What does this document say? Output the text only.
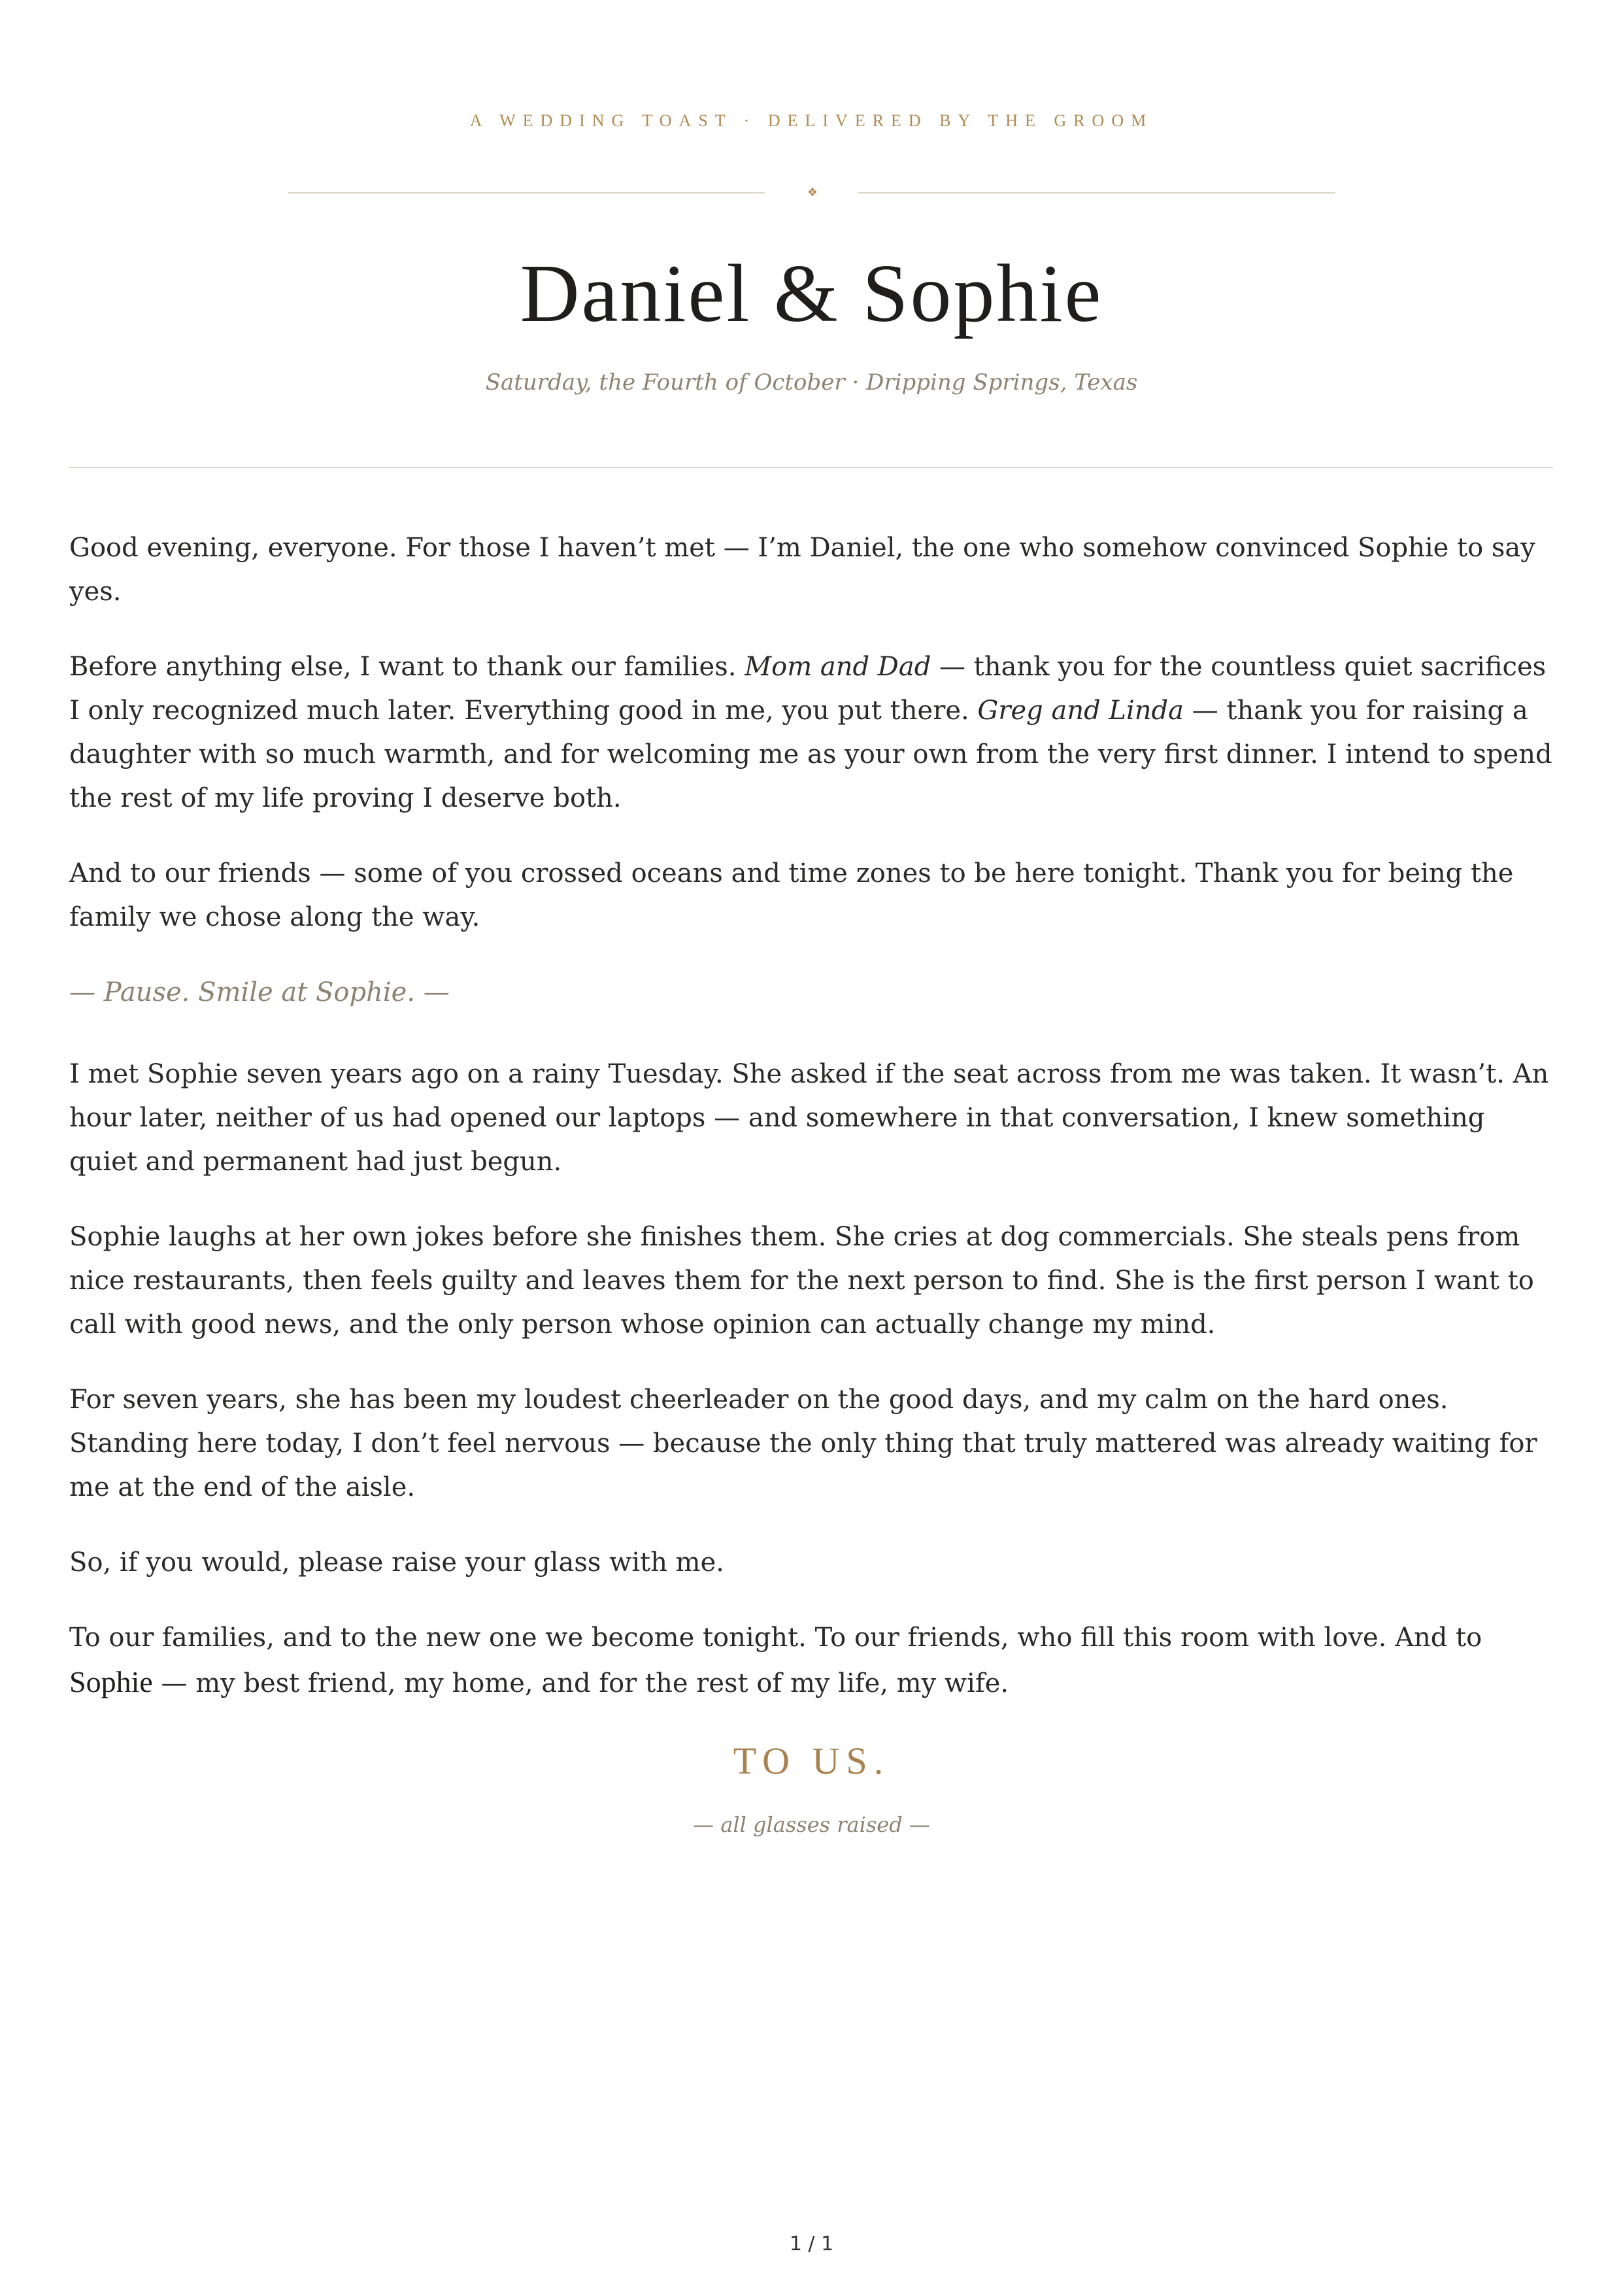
A WEDDING TOAST · DELIVERED BY THE GROOM
❖
Daniel & Sophie
Saturday, the Fourth of October · Dripping Springs, Texas

Good evening, everyone. For those I haven’t met — I’m Daniel, the one who somehow convinced Sophie to say yes.

Before anything else, I want to thank our families. Mom and Dad — thank you for the countless quiet sacrifices I only recognized much later. Everything good in me, you put there. Greg and Linda — thank you for raising a daughter with so much warmth, and for welcoming me as your own from the very first dinner. I intend to spend the rest of my life proving I deserve both.

And to our friends — some of you crossed oceans and time zones to be here tonight. Thank you for being the family we chose along the way.

— Pause. Smile at Sophie. —

I met Sophie seven years ago on a rainy Tuesday. She asked if the seat across from me was taken. It wasn’t. An hour later, neither of us had opened our laptops — and somewhere in that conversation, I knew something quiet and permanent had just begun.

Sophie laughs at her own jokes before she finishes them. She cries at dog commercials. She steals pens from nice restaurants, then feels guilty and leaves them for the next person to find. She is the first person I want to call with good news, and the only person whose opinion can actually change my mind.

For seven years, she has been my loudest cheerleader on the good days, and my calm on the hard ones. Standing here today, I don’t feel nervous — because the only thing that truly mattered was already waiting for me at the end of the aisle.

So, if you would, please raise your glass with me.

To our families, and to the new one we become tonight. To our friends, who fill this room with love. And to Sophie — my best friend, my home, and for the rest of my life, my wife.

TO US.
— all glasses raised —
1 / 1
